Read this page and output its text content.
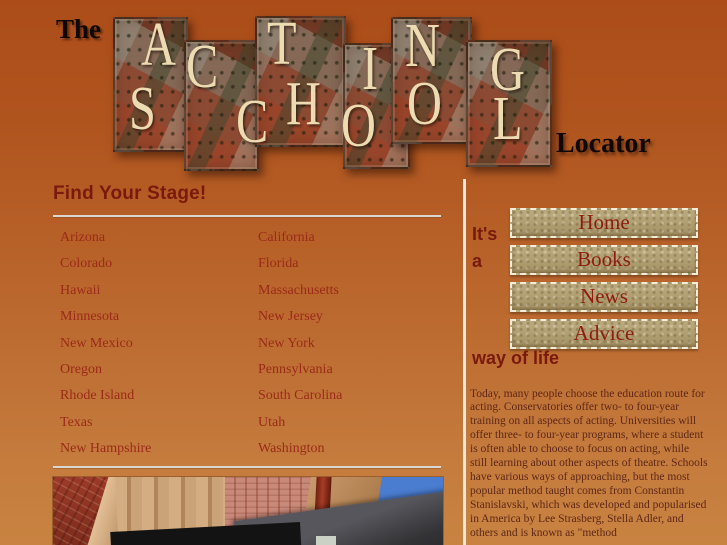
The A C T I N G
S C H O O L Locator
Find Your Stage!
Arizona
Colorado
Hawaii
Minnesota
New Mexico
Oregon
Rhode Island
Texas
New Hampshire
California
Florida
Massachusetts
New Jersey
New York
Pennsylvania
South Carolina
Utah
Washington
It's
a
Home
Books
News
Advice
way of life

Today, many people choose the education route for acting. Conservatories offer two- to four-year training on all aspects of acting. Universities will offer three- to four-year programs, where a student is often able to choose to focus on acting, while still learning about other aspects of theatre. Schools have various ways of approaching, but the most popular method taught comes from Constantin Stanislavski, which was developed and popularised in America by Lee Strasberg, Stella Adler, and others and is known as "method
